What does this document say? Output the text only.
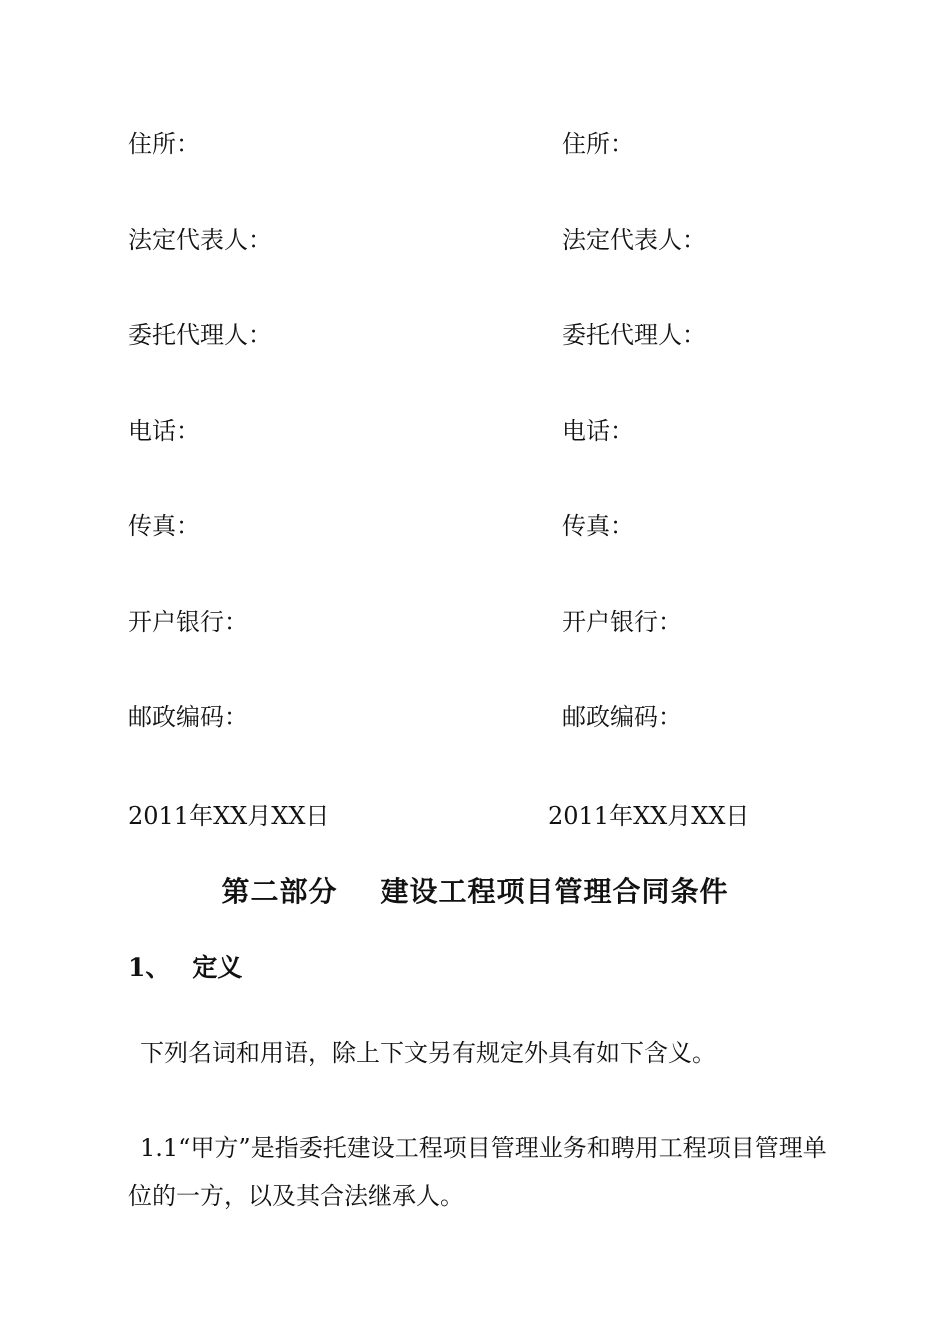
住所：
法定代表人：
委托代理人：
电话：
传真：
开户银行：
邮政编码：
2011年XX月XX日
住所：
法定代表人：
委托代理人：
电话：
传真：
开户银行：
邮政编码：
2011年XX月XX日
第二部分    建设工程项目管理合同条件
1、 定义
下列名词和用语，除上下文另有规定外具有如下含义。
1.1“甲方”是指委托建设工程项目管理业务和聘用工程项目管理单位的一方，以及其合法继承人。
